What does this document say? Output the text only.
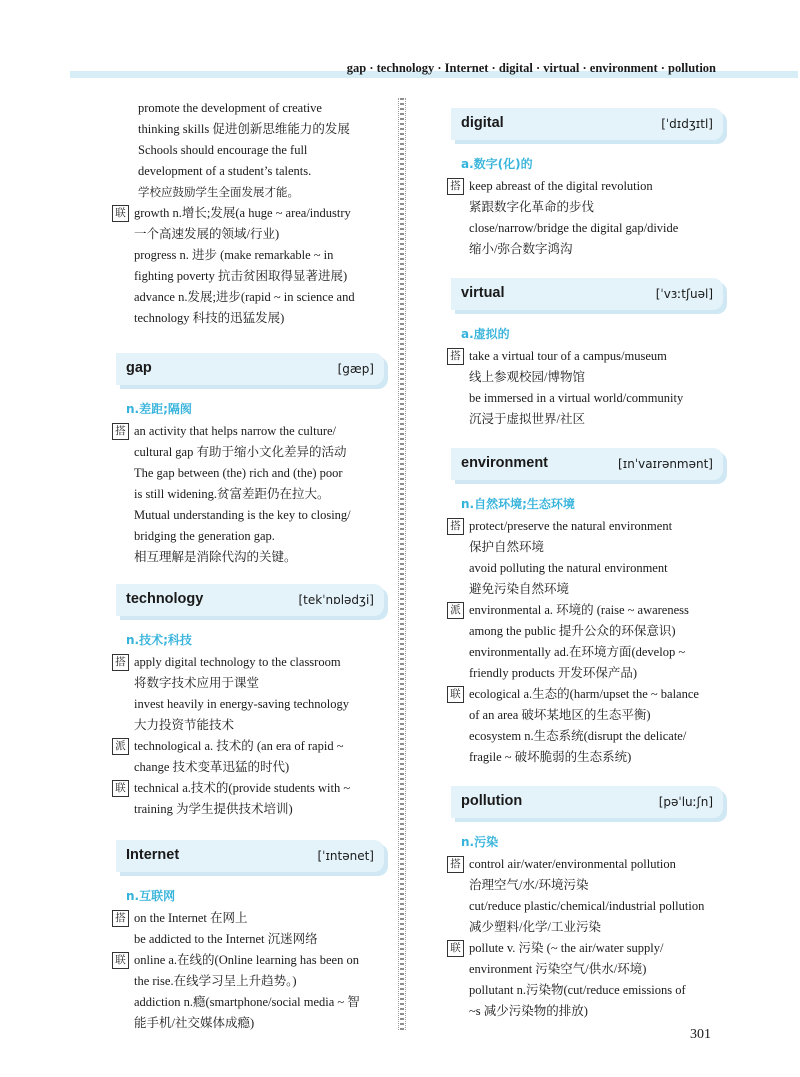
gap · technology · Internet · digital · virtual · environment · pollution
promote the development of creative
thinking skills 促进创新思维能力的发展
Schools should encourage the full
development of a student’s talents.
学校应鼓励学生全面发展才能。
联 growth n.增长;发展(a huge ~ area/industry
一个高速发展的领域/行业)
progress n. 进步 (make remarkable ~ in
fighting poverty 抗击贫困取得显著进展)
advance n.发展;进步(rapid ~ in science and
technology 科技的迅猛发展)
gap	[gæp]
n.差距;隔阂
搭 an activity that helps narrow the culture/
cultural gap 有助于缩小文化差异的活动
The gap between (the) rich and (the) poor
is still widening.贫富差距仍在拉大。
Mutual understanding is the key to closing/
bridging the generation gap.
相互理解是消除代沟的关键。
technology	[tekˈnɒlədʒi]
n.技术;科技
搭 apply digital technology to the classroom
将数字技术应用于课堂
invest heavily in energy-saving technology
大力投资节能技术
派 technological a. 技术的 (an era of rapid ~
change 技术变革迅猛的时代)
联 technical a.技术的(provide students with ~
training 为学生提供技术培训)
Internet	[ˈɪntənet]
n.互联网
搭 on the Internet 在网上
be addicted to the Internet 沉迷网络
联 online a.在线的(Online learning has been on
the rise.在线学习呈上升趋势。)
addiction n.瘾(smartphone/social media ~ 智
能手机/社交媒体成瘾)
digital	[ˈdɪdʒɪtl]
a.数字(化)的
搭 keep abreast of the digital revolution
紧跟数字化革命的步伐
close/narrow/bridge the digital gap/divide
缩小/弥合数字鸿沟
virtual	[ˈvɜːtʃuəl]
a.虚拟的
搭 take a virtual tour of a campus/museum
线上参观校园/博物馆
be immersed in a virtual world/community
沉浸于虚拟世界/社区
environment	[ɪnˈvaɪrənmənt]
n.自然环境;生态环境
搭 protect/preserve the natural environment
保护自然环境
avoid polluting the natural environment
避免污染自然环境
派 environmental a. 环境的 (raise ~ awareness
among the public 提升公众的环保意识)
environmentally ad.在环境方面(develop ~
friendly products 开发环保产品)
联 ecological a.生态的(harm/upset the ~ balance
of an area 破坏某地区的生态平衡)
ecosystem n.生态系统(disrupt the delicate/
fragile ~ 破坏脆弱的生态系统)
pollution	[pəˈluːʃn]
n.污染
搭 control air/water/environmental pollution
治理空气/水/环境污染
cut/reduce plastic/chemical/industrial pollution
减少塑料/化学/工业污染
联 pollute v. 污染 (~ the air/water supply/
environment 污染空气/供水/环境)
pollutant n.污染物(cut/reduce emissions of
~s 减少污染物的排放)
301
